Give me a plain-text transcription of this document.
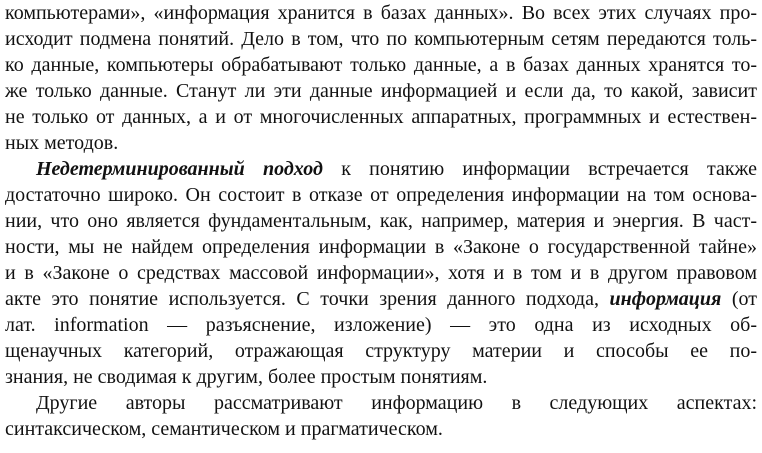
компьютерами», «информация хранится в базах данных». Во всех этих случаях про-
исходит подмена понятий. Дело в том, что по компьютерным сетям передаются толь-
ко данные, компьютеры обрабатывают только данные, а в базах данных хранятся то-
же только данные. Станут ли эти данные информацией и если да, то какой, зависит
не только от данных, а и от многочисленных аппаратных, программных и естествен-
ных методов.
Недетерминированный подход к понятию информации встречается также
достаточно широко. Он состоит в отказе от определения информации на том основа-
нии, что оно является фундаментальным, как, например, материя и энергия. В част-
ности, мы не найдем определения информации в «Законе о государственной тайне»
и в «Законе о средствах массовой информации», хотя и в том и в другом правовом
акте это понятие используется. С точки зрения данного подхода, информация (от
лат. information — разъяснение, изложение) — это одна из исходных об-
щенаучных категорий, отражающая структуру материи и способы ее по-
знания, не сводимая к другим, более простым понятиям.
Другие авторы рассматривают информацию в следующих аспектах:
синтаксическом, семантическом и прагматическом.
